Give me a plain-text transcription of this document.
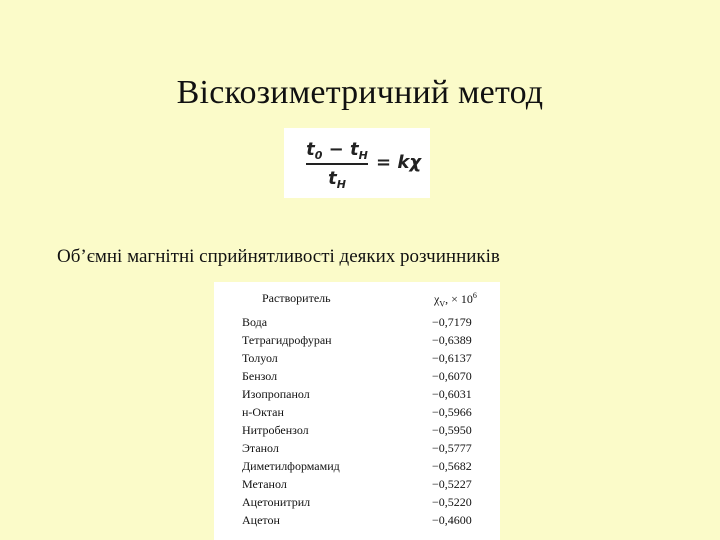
Віскозиметричний метод
$t_0 - t_H$
$t_H$
= kχ
Об’ємні магнітні сприйнятливості деяких розчинників
Растворитель	$\chi_V$, × $10^6$
Вода	−0,7179
Тетрагидрофуран	−0,6389
Толуол	−0,6137
Бензол	−0,6070
Изопропанол	−0,6031
н-Октан	−0,5966
Нитробензол	−0,5950
Этанол	−0,5777
Диметилформамид	−0,5682
Метанол	−0,5227
Ацетонитрил	−0,5220
Ацетон	−0,4600
